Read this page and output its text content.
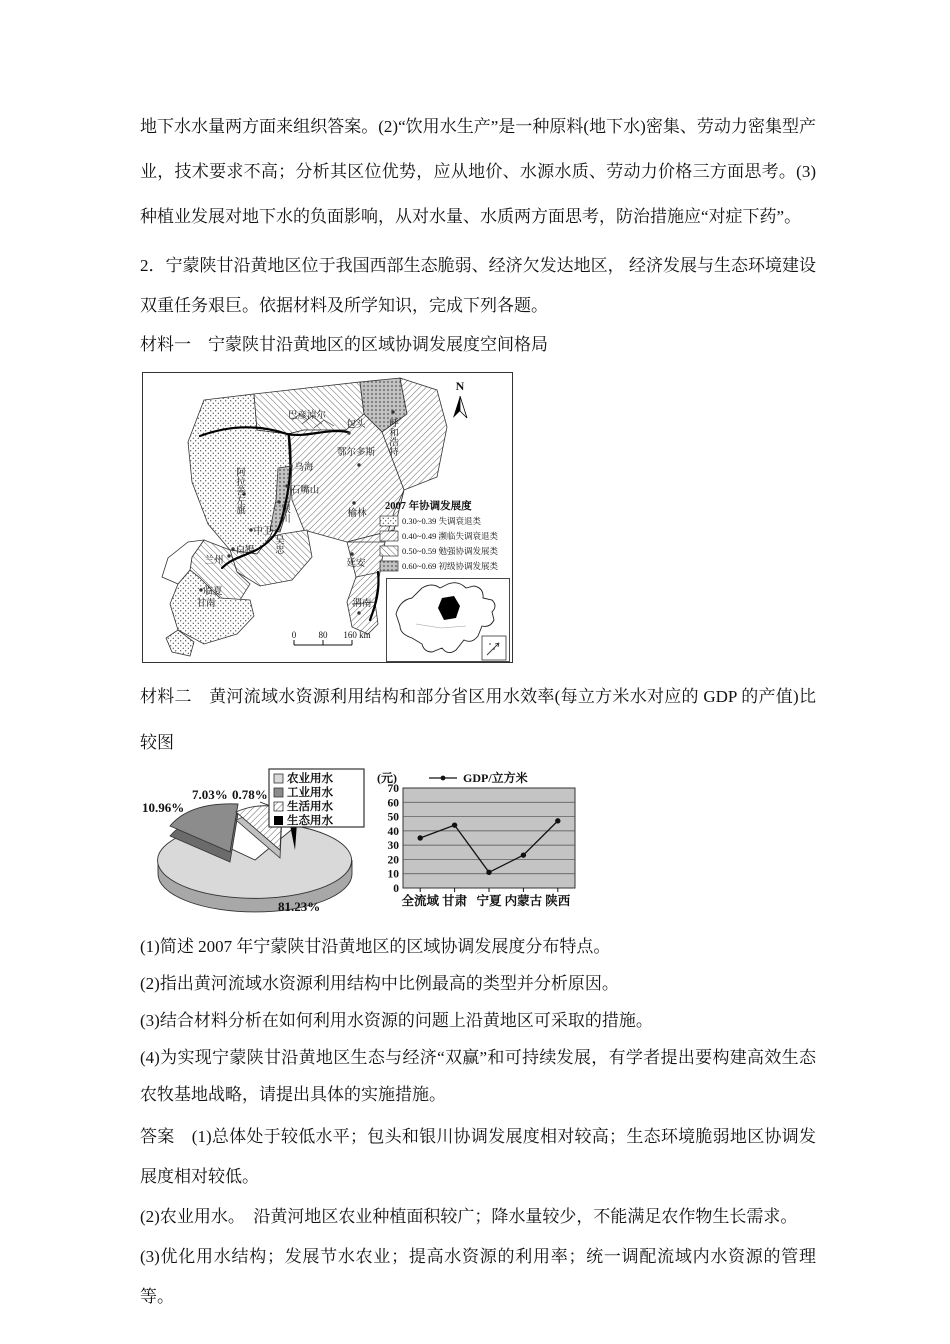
地下水水量两方面来组织答案。(2)“饮用水生产”是一种原料(地下水)密集、劳动力密集型产业，技术要求不高；分析其区位优势，应从地价、水源水质、劳动力价格三方面思考。(3)种植业发展对地下水的负面影响，从对水量、水质两方面思考，防治措施应“对症下药”。

2．宁蒙陕甘沿黄地区位于我国西部生态脆弱、经济欠发达地区， 经济发展与生态环境建设双重任务艰巨。依据材料及所学知识，完成下列各题。

材料一　宁蒙陕甘沿黄地区的区域协调发展度空间格局

巴彦淖尔
包头 呼和浩特
鄂尔多斯
乌海
石嘴山
阿拉善左旗	银川	榆林
中卫
吴忠
白银
兰州
临夏
甘南
延安
渭南
N
2007 年协调发展度
0.30~0.39 失调衰退类
0.40~0.49 濒临失调衰退类
0.50~0.59 勉强协调发展类
0.60~0.69 初级协调发展类
0 80 160 km

材料二　黄河流域水资源利用结构和部分省区用水效率(每立方米水对应的 GDP 的产值)比较图

10.96%
7.03% 0.78%
81.23%
农业用水
工业用水
生活用水
生态用水
(元)	GDP/立方米
0
10
20
30
40
50
60
70
全流域 甘肃 宁夏 内蒙古 陕西

(1)简述 2007 年宁蒙陕甘沿黄地区的区域协调发展度分布特点。

(2)指出黄河流域水资源利用结构中比例最高的类型并分析原因。

(3)结合材料分析在如何利用水资源的问题上沿黄地区可采取的措施。

(4)为实现宁蒙陕甘沿黄地区生态与经济“双赢”和可持续发展，有学者提出要构建高效生态农牧基地战略，请提出具体的实施措施。

答案　(1)总体处于较低水平；包头和银川协调发展度相对较高；生态环境脆弱地区协调发展度相对较低。

(2)农业用水。　沿黄河地区农业种植面积较广；降水量较少，不能满足农作物生长需求。

(3)优化用水结构；发展节水农业；提高水资源的利用率；统一调配流域内水资源的管理等。
